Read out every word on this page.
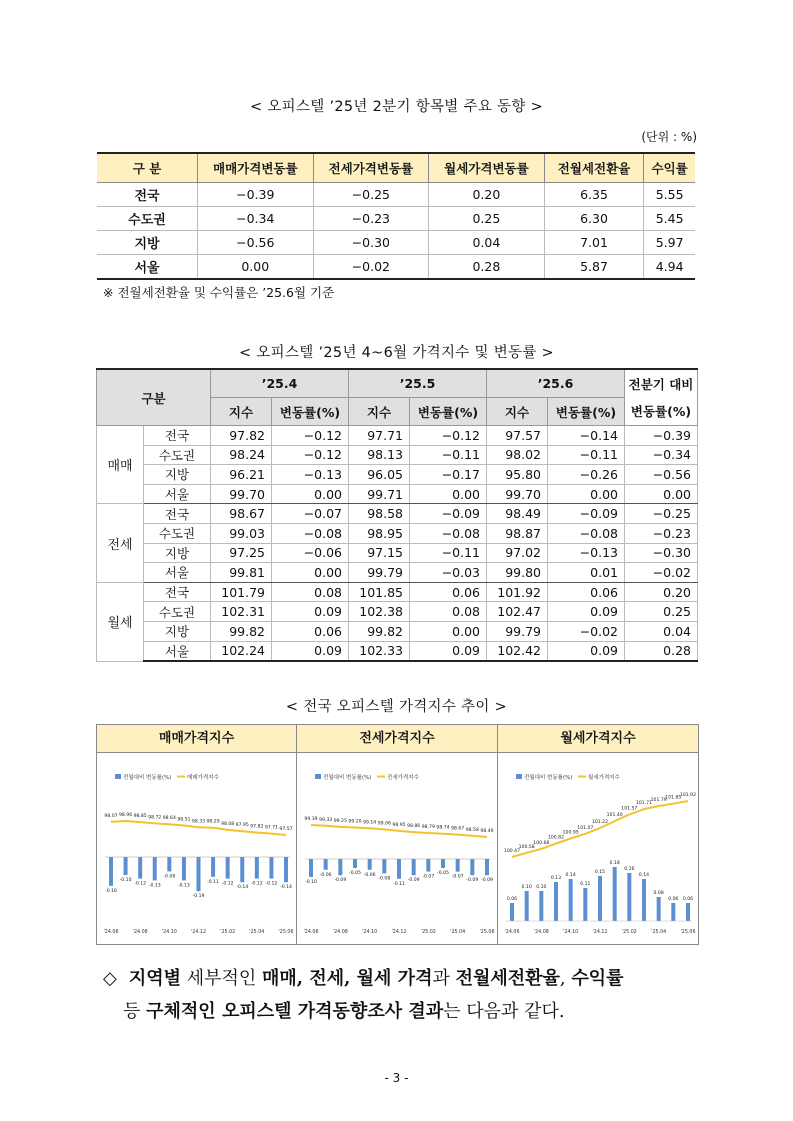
< 오피스텔 ’25년 2분기 항목별 주요 동향 >
(단위 : %)
구 분	매매가격변동률	전세가격변동률	월세가격변동률	전월세전환율	수익률
전국	−0.39	−0.25	0.20	6.35	5.55
수도권	−0.34	−0.23	0.25	6.30	5.45
지방	−0.56	−0.30	0.04	7.01	5.97
서울	0.00	−0.02	0.28	5.87	4.94
※ 전월세전환율 및 수익률은 ’25.6월 기준
< 오피스텔 ’25년 4~6월 가격지수 및 변동률 >
구분		’25.4		’25.5		’25.6		전분기 대비
		지수	변동률(%)	지수	변동률(%)	지수	변동률(%)	변동률(%)
매매	전국	97.82	−0.12	97.71	−0.12	97.57	−0.14	−0.39
	수도권	98.24	−0.12	98.13	−0.11	98.02	−0.11	−0.34
	지방	96.21	−0.13	96.05	−0.17	95.80	−0.26	−0.56
	서울	99.70	0.00	99.71	0.00	99.70	0.00	0.00
전세	전국	98.67	−0.07	98.58	−0.09	98.49	−0.09	−0.25
	수도권	99.03	−0.08	98.95	−0.08	98.87	−0.08	−0.23
	지방	97.25	−0.06	97.15	−0.11	97.02	−0.13	−0.30
	서울	99.81	0.00	99.79	−0.03	99.80	0.01	−0.02
월세	전국	101.79	0.08	101.85	0.06	101.92	0.06	0.20
	수도권	102.31	0.09	102.38	0.08	102.47	0.09	0.25
	지방	99.82	0.06	99.82	0.00	99.79	−0.02	0.04
	서울	102.24	0.09	102.33	0.09	102.42	0.09	0.28
< 전국 오피스텔 가격지수 추이 >
매매가격지수
전월대비 변동률(%)	매매가격지수
98.07 98.96 98.85 98.72 98.64 98.51 98.33 98.29 98.08 97.95 97.82 97.71 97.57
-0.16
-0.10
-0.12 -0.13
-0.08
-0.13
-0.19
-0.11 -0.12
-0.14
-0.12 -0.12
-0.14
'24.06	'24.08	'24.10	'24.12	'25.02	'25.04	'25.06
전세가격지수
전월대비 변동률(%)	전세가격지수
99.39 99.33 99.25 99.20 99.14 99.06 98.95 98.86 98.79 98.74 98.67 98.58 98.49
-0.10
-0.06
-0.09
-0.05 -0.06
-0.08
-0.11
-0.09
-0.07
-0.05
-0.07
-0.09 -0.09
'24.06	'24.08	'24.10	'24.12	'25.02	'25.04	'25.06
월세가격지수
전월대비 변동률(%)	월세가격지수
100.47
100.58
100.68
100.82
100.95
101.07
101.22
101.40
101.57
101.71
101.79
101.85
101.92
0.06
0.10 0.10
0.13
0.14
0.11
0.15
0.18
0.16
0.14
0.08
0.06 0.06
'24.06	'24.08	'24.10	'24.12	'25.02	'25.04	'25.06
◇ 지역별 세부적인 매매, 전세, 월세 가격과 전월세전환율, 수익률
등 구체적인 오피스텔 가격동향조사 결과는 다음과 같다.
- 3 -
